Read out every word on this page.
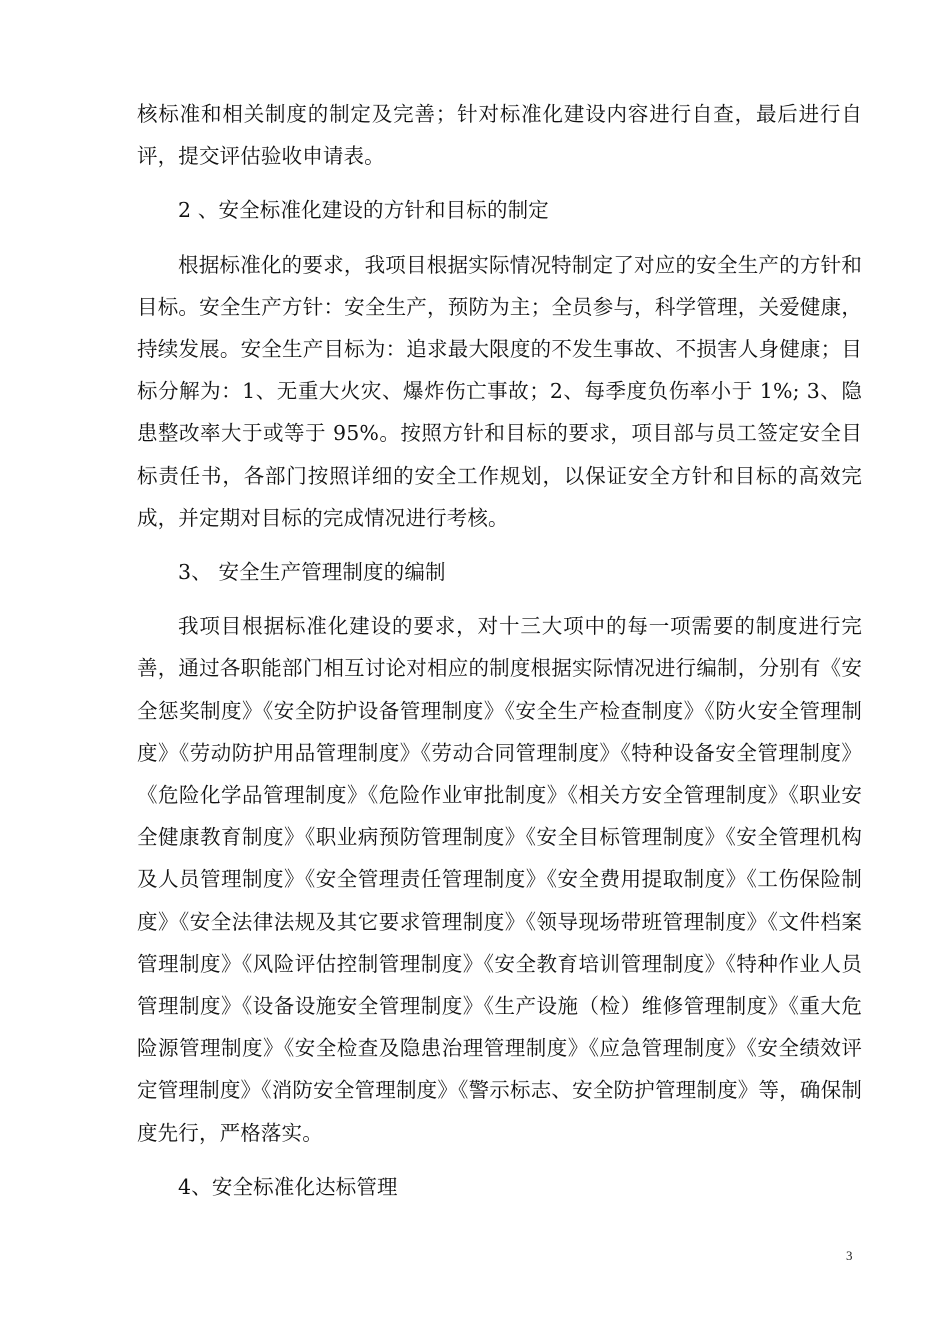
核标准和相关制度的制定及完善；针对标准化建设内容进行自查，最后进行自评，提交评估验收申请表。

2 、安全标准化建设的方针和目标的制定

根据标准化的要求，我项目根据实际情况特制定了对应的安全生产的方针和目标。安全生产方针：安全生产，预防为主；全员参与，科学管理，关爱健康，持续发展。安全生产目标为：追求最大限度的不发生事故、不损害人身健康；目标分解为：1、无重大火灾、爆炸伤亡事故；2、每季度负伤率小于 1%; 3、隐患整改率大于或等于 95%。按照方针和目标的要求，项目部与员工签定安全目标责任书，各部门按照详细的安全工作规划，以保证安全方针和目标的高效完成，并定期对目标的完成情况进行考核。

3、 安全生产管理制度的编制

我项目根据标准化建设的要求，对十三大项中的每一项需要的制度进行完善，通过各职能部门相互讨论对相应的制度根据实际情况进行编制，分别有《安全惩奖制度》《安全防护设备管理制度》《安全生产检查制度》《防火安全管理制度》《劳动防护用品管理制度》《劳动合同管理制度》《特种设备安全管理制度》《危险化学品管理制度》《危险作业审批制度》《相关方安全管理制度》《职业安全健康教育制度》《职业病预防管理制度》《安全目标管理制度》《安全管理机构及人员管理制度》《安全管理责任管理制度》《安全费用提取制度》《工伤保险制度》《安全法律法规及其它要求管理制度》《领导现场带班管理制度》《文件档案管理制度》《风险评估控制管理制度》《安全教育培训管理制度》《特种作业人员管理制度》《设备设施安全管理制度》《生产设施（检）维修管理制度》《重大危险源管理制度》《安全检查及隐患治理管理制度》《应急管理制度》《安全绩效评定管理制度》《消防安全管理制度》《警示标志、安全防护管理制度》等，确保制度先行，严格落实。

4、安全标准化达标管理

3
